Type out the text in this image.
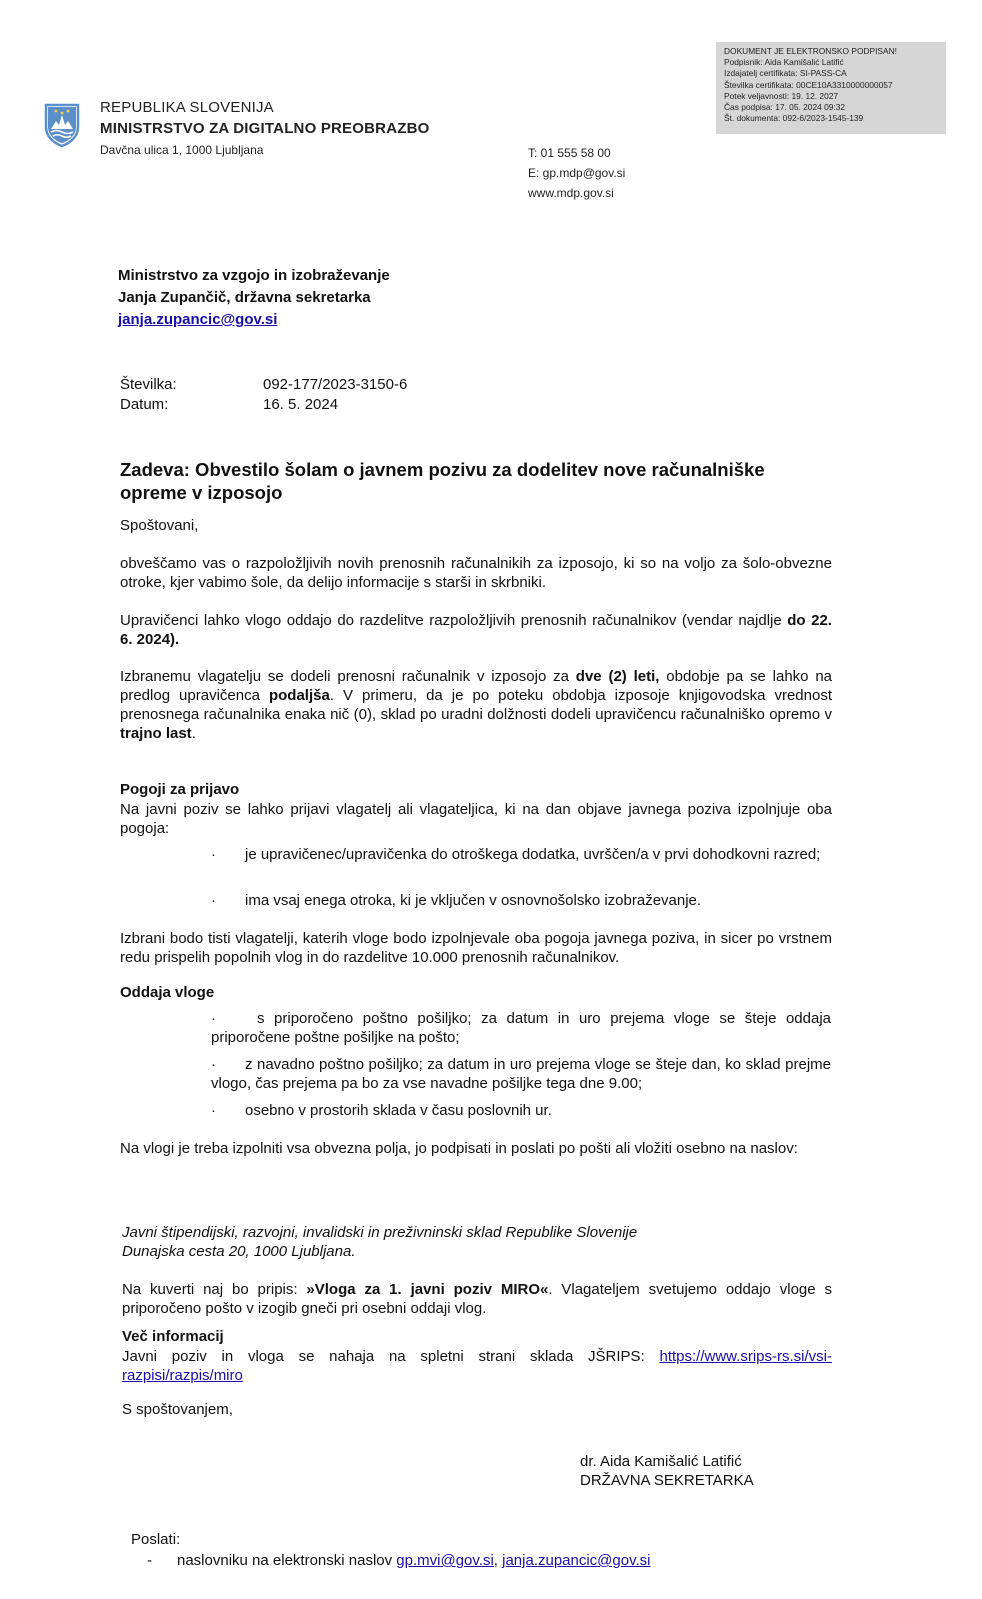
DOKUMENT JE ELEKTRONSKO PODPISAN!
Podpisnik: Aida Kamišalić Latifić
Izdajatelj certifikata: SI-PASS-CA
Številka certifikata: 00CE10A3310000000057
Potek veljavnosti: 19. 12. 2027
Čas podpisa: 17. 05. 2024 09:32
Št. dokumenta: 092-6/2023-1545-139
REPUBLIKA SLOVENIJA
MINISTRSTVO ZA DIGITALNO PREOBRAZBO
Davčna ulica 1, 1000 Ljubljana	T: 01 555 58 00
E: gp.mdp@gov.si
www.mdp.gov.si
Ministrstvo za vzgojo in izobraževanje
Janja Zupančič, državna sekretarka
janja.zupancic@gov.si
Številka:	092-177/2023-3150-6
Datum:	16. 5. 2024
Zadeva: Obvestilo šolam o javnem pozivu za dodelitev nove računalniške opreme v izposojo
Spoštovani,
obveščamo vas o razpoložljivih novih prenosnih računalnikih za izposojo, ki so na voljo za šolo-obvezne otroke, kjer vabimo šole, da delijo informacije s starši in skrbniki.
Upravičenci lahko vlogo oddajo do razdelitve razpoložljivih prenosnih računalnikov (vendar najdlje do 22. 6. 2024).
Izbranemu vlagatelju se dodeli prenosni računalnik v izposojo za dve (2) leti, obdobje pa se lahko na predlog upravičenca podaljša. V primeru, da je po poteku obdobja izposoje knjigovodska vrednost prenosnega računalnika enaka nič (0), sklad po uradni dolžnosti dodeli upravičencu računalniško opremo v trajno last.
Pogoji za prijavo
Na javni poziv se lahko prijavi vlagatelj ali vlagateljica, ki na dan objave javnega poziva izpolnjuje oba pogoja:
· je upravičenec/upravičenka do otroškega dodatka, uvrščen/a v prvi dohodkovni razred;
· ima vsaj enega otroka, ki je vključen v osnovnošolsko izobraževanje.
Izbrani bodo tisti vlagatelji, katerih vloge bodo izpolnjevale oba pogoja javnega poziva, in sicer po vrstnem redu prispelih popolnih vlog in do razdelitve 10.000 prenosnih računalnikov.
Oddaja vloge
·	s priporočeno poštno pošiljko; za datum in uro prejema vloge se šteje oddaja priporočene poštne pošiljke na pošto;
· z navadno poštno pošiljko; za datum in uro prejema vloge se šteje dan, ko sklad prejme vlogo, čas prejema pa bo za vse navadne pošiljke tega dne 9.00;
· osebno v prostorih sklada v času poslovnih ur.
Na vlogi je treba izpolniti vsa obvezna polja, jo podpisati in poslati po pošti ali vložiti osebno na naslov:
Javni štipendijski, razvojni, invalidski in preživninski sklad Republike Slovenije
Dunajska cesta 20, 1000 Ljubljana.
Na kuverti naj bo pripis: »Vloga za 1. javni poziv MIRO«. Vlagateljem svetujemo oddajo vloge s priporočeno pošto v izogib gneči pri osebni oddaji vlog.
Več informacij
Javni poziv in vloga se nahaja na spletni strani sklada JŠRIPS: https://www.srips-rs.si/vsi-razpisi/razpis/miro
S spoštovanjem,
dr. Aida Kamišalić Latifić
DRŽAVNA SEKRETARKA
Poslati:
- naslovniku na elektronski naslov gp.mvi@gov.si, janja.zupancic@gov.si
